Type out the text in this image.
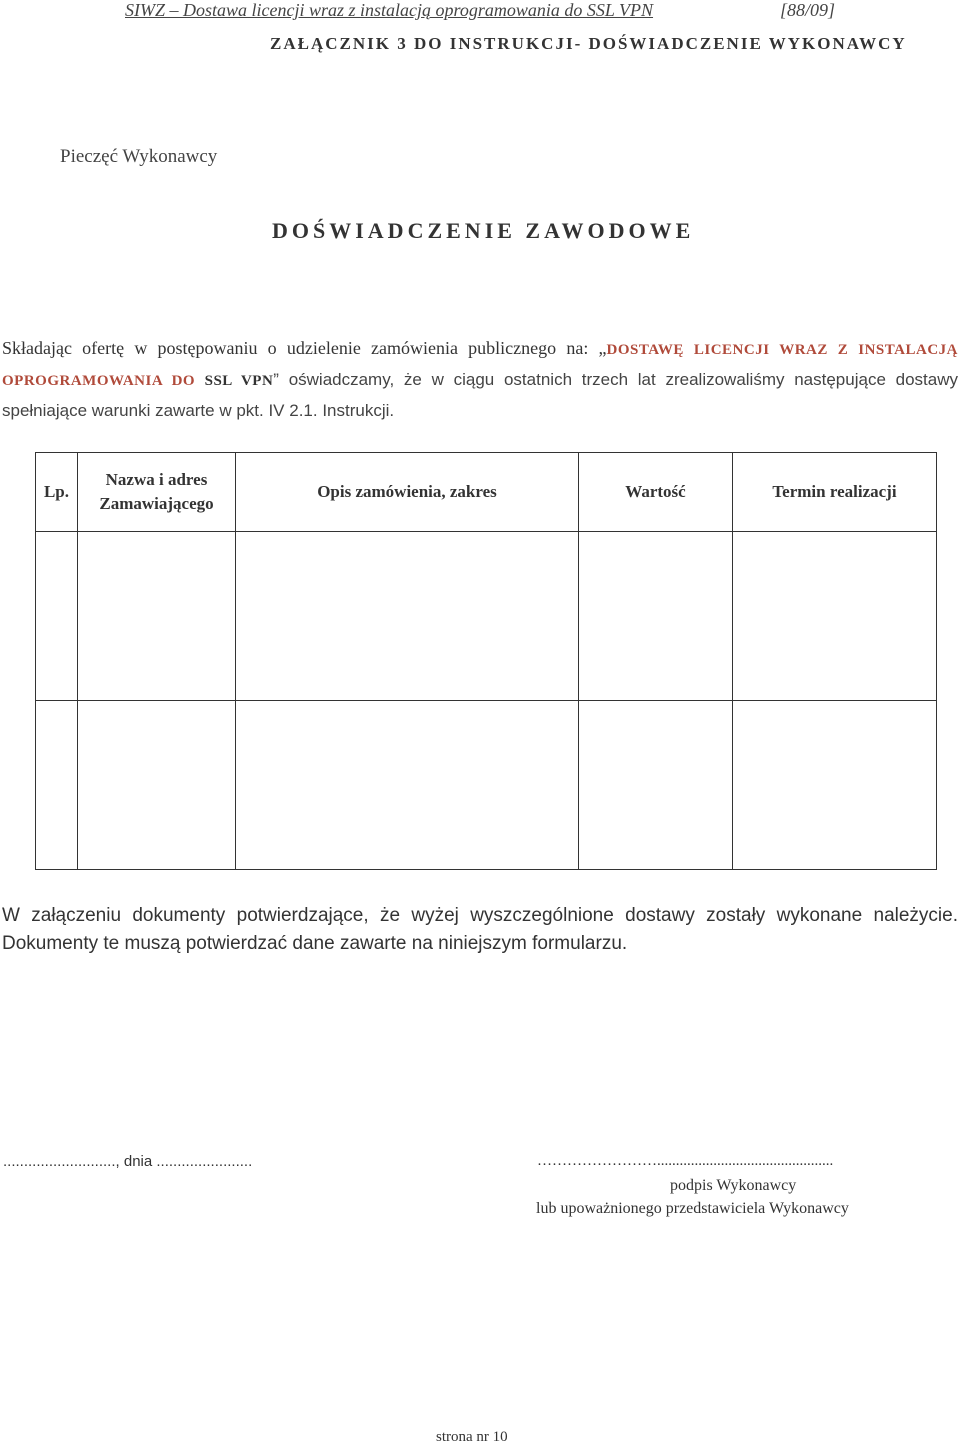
SIWZ – Dostawa licencji wraz z instalacją oprogramowania do SSL VPN	[88/09]
ZAŁĄCZNIK 3 DO INSTRUKCJI- DOŚWIADCZENIE WYKONAWCY
Pieczęć Wykonawcy
DOŚWIADCZENIE ZAWODOWE
Składając ofertę w postępowaniu o udzielenie zamówienia publicznego na: „DOSTAWĘ LICENCJI WRAZ Z INSTALACJĄ OPROGRAMOWANIA DO SSL VPN” oświadczamy, że w ciągu ostatnich trzech lat zrealizowaliśmy następujące dostawy spełniające warunki zawarte w pkt. IV 2.1. Instrukcji.
Lp.	Nazwa i adres Zamawiającego	Opis zamówienia, zakres	Wartość	Termin realizacji

W załączeniu dokumenty potwierdzające, że wyżej wyszczególnione dostawy zostały wykonane należycie. Dokumenty te muszą potwierdzać dane zawarte na niniejszym formularzu.
..........................., dnia .......................	……………………...............................................
podpis Wykonawcy
lub upoważnionego przedstawiciela Wykonawcy
strona nr 10
